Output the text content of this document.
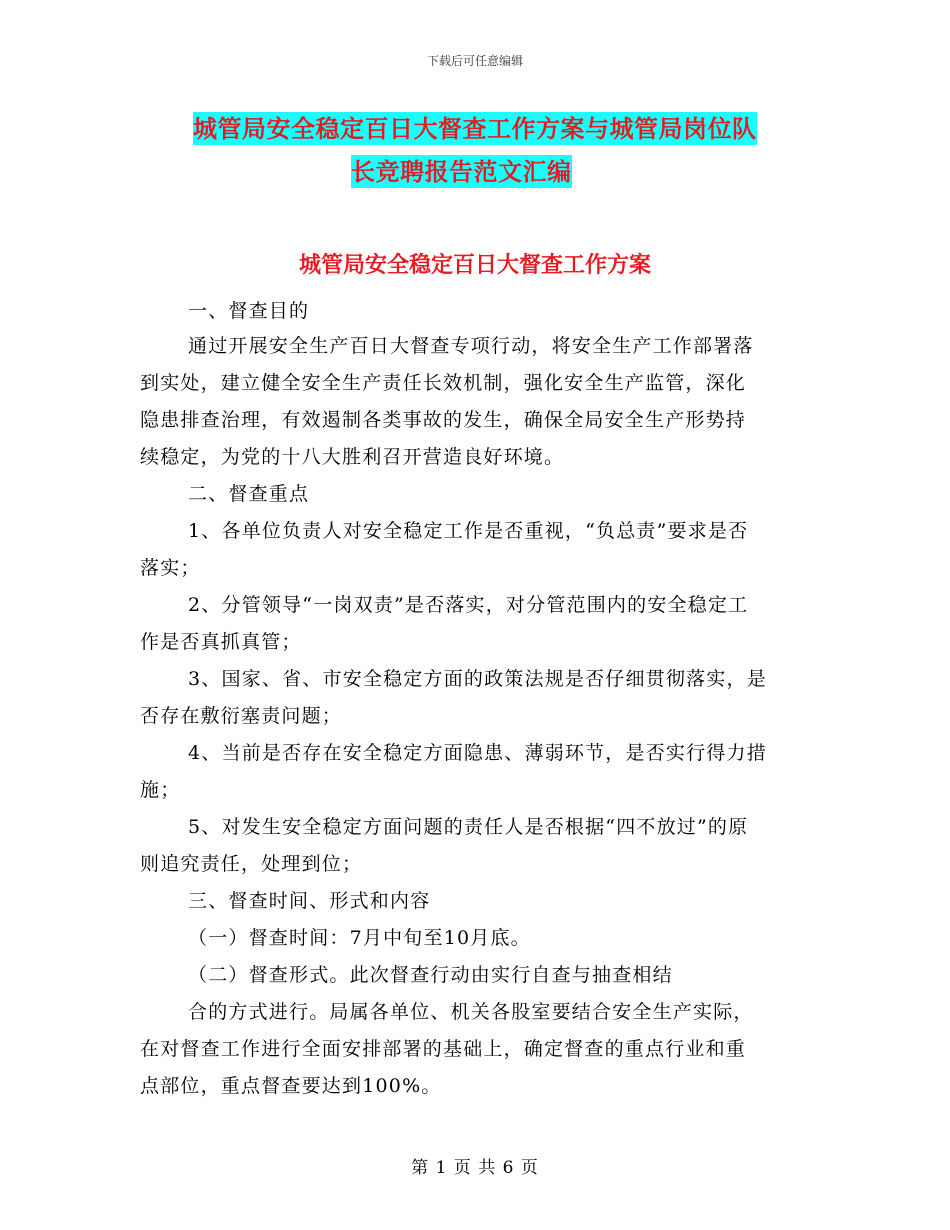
下载后可任意编辑
城管局安全稳定百日大督查工作方案与城管局岗位队
长竞聘报告范文汇编
城管局安全稳定百日大督查工作方案
一、督查目的
通过开展安全生产百日大督查专项行动，将安全生产工作部署落
到实处，建立健全安全生产责任长效机制，强化安全生产监管，深化
隐患排查治理，有效遏制各类事故的发生，确保全局安全生产形势持
续稳定，为党的十八大胜利召开营造良好环境。
二、督查重点
1、各单位负责人对安全稳定工作是否重视，“负总责”要求是否
落实；
2、分管领导“一岗双责”是否落实，对分管范围内的安全稳定工
作是否真抓真管；
3、国家、省、市安全稳定方面的政策法规是否仔细贯彻落实，是
否存在敷衍塞责问题；
4、当前是否存在安全稳定方面隐患、薄弱环节，是否实行得力措
施；
5、对发生安全稳定方面问题的责任人是否根据“四不放过”的原
则追究责任，处理到位；
三、督查时间、形式和内容
（一）督查时间：7月中旬至10月底。
（二）督查形式。此次督查行动由实行自查与抽查相结
合的方式进行。局属各单位、机关各股室要结合安全生产实际，
在对督查工作进行全面安排部署的基础上，确定督查的重点行业和重
点部位，重点督查要达到100%。
第 1 页 共 6 页
